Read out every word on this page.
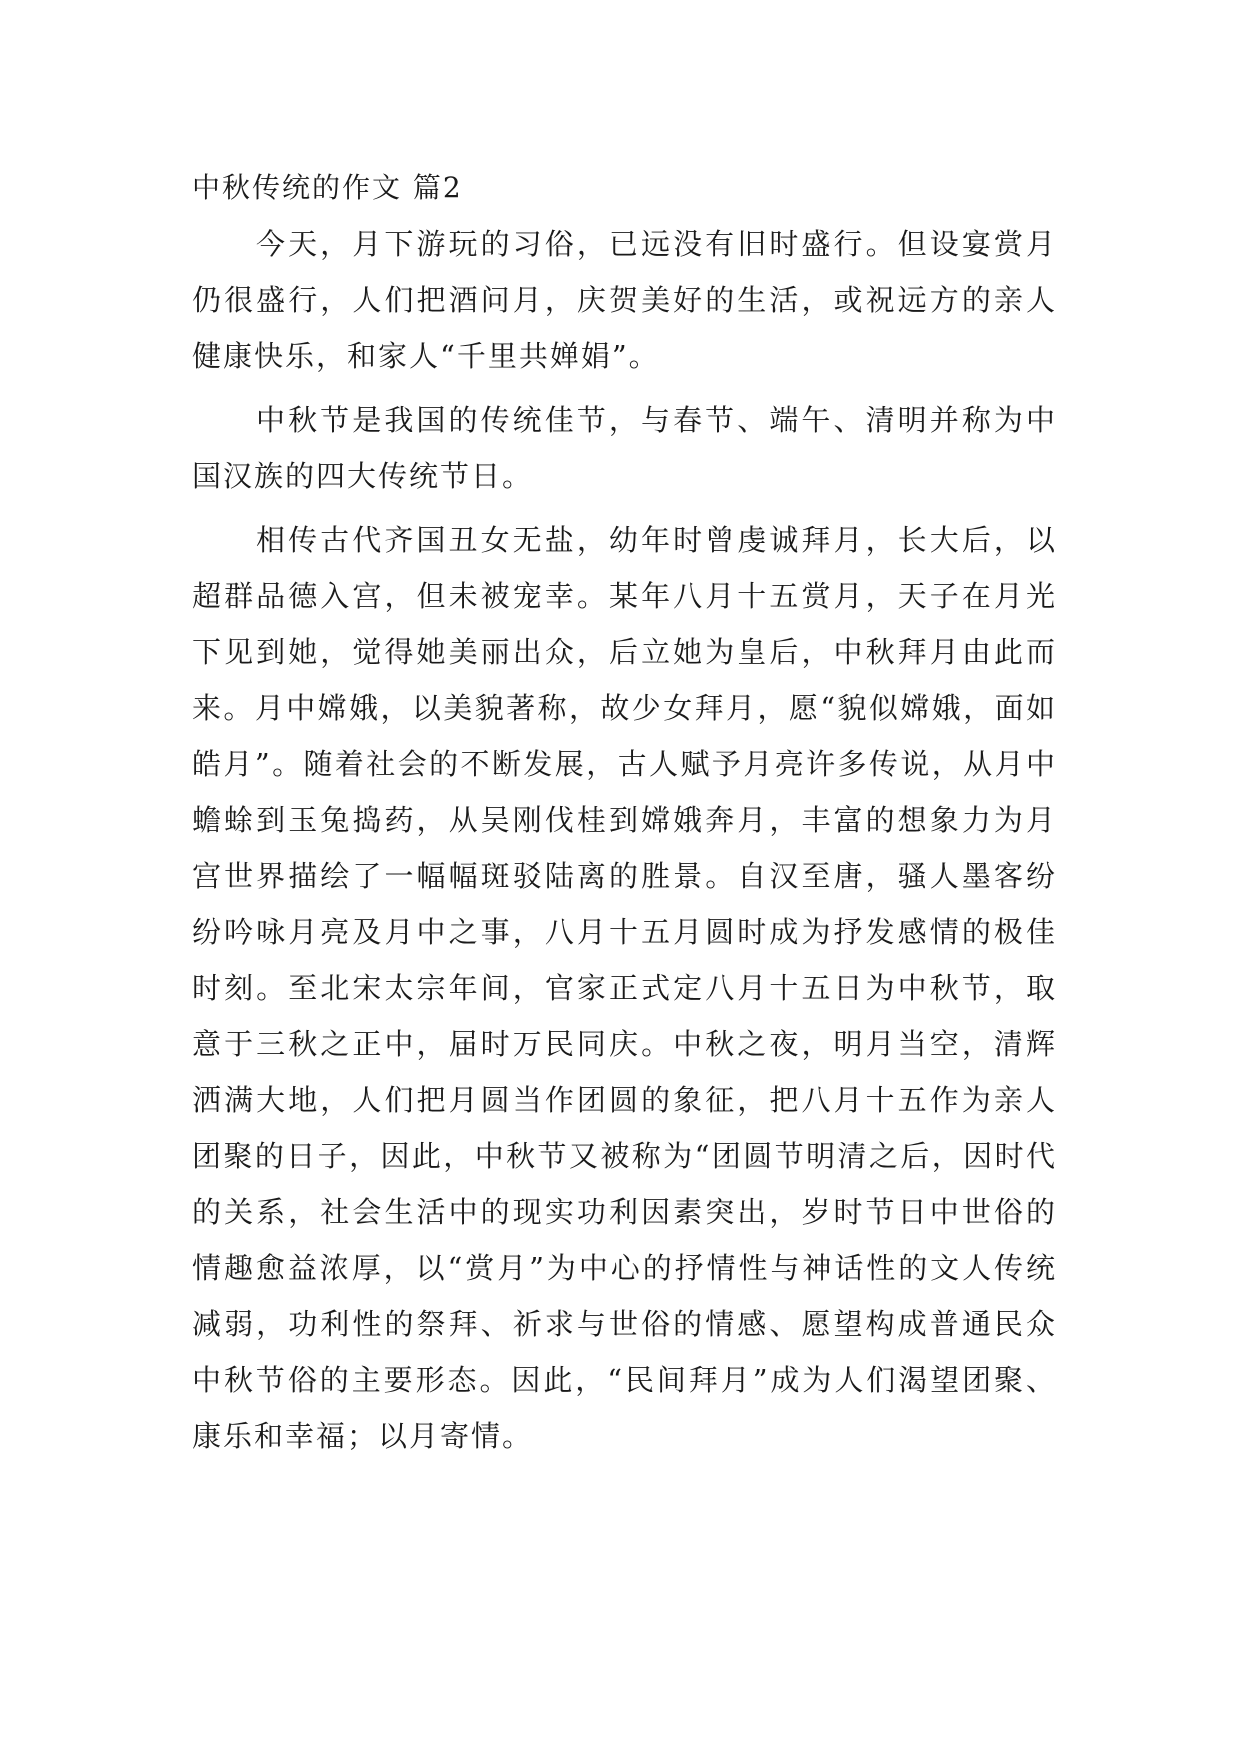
中秋传统的作文 篇2

今天，月下游玩的习俗，已远没有旧时盛行。但设宴赏月仍很盛行，人们把酒问月，庆贺美好的生活，或祝远方的亲人健康快乐，和家人“千里共婵娟”。

中秋节是我国的传统佳节，与春节、端午、清明并称为中国汉族的四大传统节日。

相传古代齐国丑女无盐，幼年时曾虔诚拜月，长大后，以超群品德入宫，但未被宠幸。某年八月十五赏月，天子在月光下见到她，觉得她美丽出众，后立她为皇后，中秋拜月由此而来。月中嫦娥，以美貌著称，故少女拜月，愿“貌似嫦娥，面如皓月”。随着社会的不断发展，古人赋予月亮许多传说，从月中蟾蜍到玉兔捣药，从吴刚伐桂到嫦娥奔月，丰富的想象力为月宫世界描绘了一幅幅斑驳陆离的胜景。自汉至唐，骚人墨客纷纷吟咏月亮及月中之事，八月十五月圆时成为抒发感情的极佳时刻。至北宋太宗年间，官家正式定八月十五日为中秋节，取意于三秋之正中，届时万民同庆。中秋之夜，明月当空，清辉洒满大地，人们把月圆当作团圆的象征，把八月十五作为亲人团聚的日子，因此，中秋节又被称为“团圆节明清之后，因时代的关系，社会生活中的现实功利因素突出，岁时节日中世俗的情趣愈益浓厚，以“赏月”为中心的抒情性与神话性的文人传统减弱，功利性的祭拜、祈求与世俗的情感、愿望构成普通民众中秋节俗的主要形态。因此，“民间拜月”成为人们渴望团聚、康乐和幸福；以月寄情。
